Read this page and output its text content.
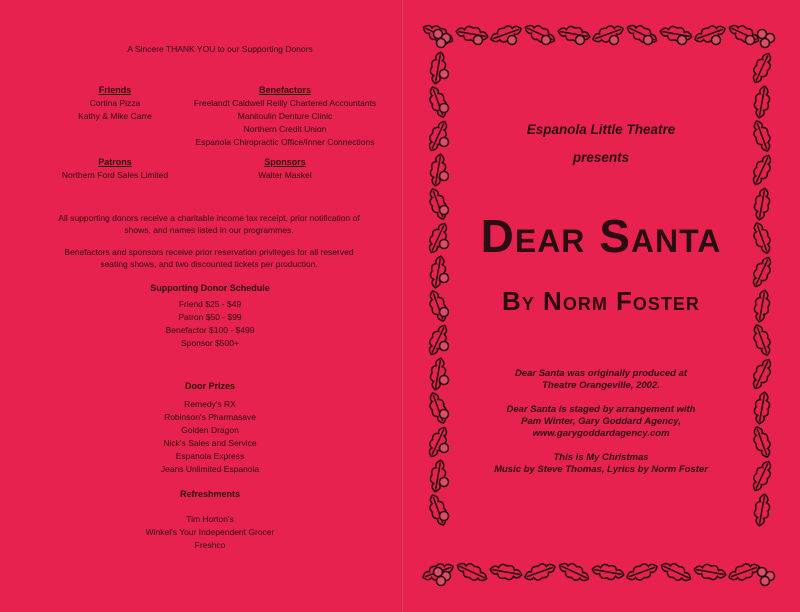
A Sincere THANK YOU to our Supporting Donors
Friends
Cortina Pizza
Kathy & Mike Carre
Benefactors
Freelandt Caldwell Reilly Chartered Accountants
Manitoulin Denture Clinic
Northern Credit Union
Espanola Chiropractic Office/Inner Connections
Patrons
Northern Ford Sales Limited
Sponsors
Walter Maskel
All supporting donors receive a charitable income tax receipt, prior notification of shows, and names listed in our programmes.
Benefactors and sponsors receive prior reservation privileges for all reserved seating shows, and two discounted tickets per production.
Supporting Donor Schedule
Friend $25 - $49
Patron $50 - $99
Benefactor $100 - $499
Sponsor $500+
Door Prizes
Remedy's RX
Robinson's Pharmasave
Golden Dragon
Nick's Sales and Service
Espanola Express
Jeans Unlimited Espanola
Refreshments
Tim Horton's
Winkel's Your Independent Grocer
Freshco
Espanola Little Theatre
presents
Dear Santa
By Norm Foster
Dear Santa was originally produced at
Theatre Orangeville, 2002.
Dear Santa is staged by arrangement with
Pam Winter, Gary Goddard Agency,
www.garygoddardagency.com
This is My Christmas
Music by Steve Thomas, Lyrics by Norm Foster
